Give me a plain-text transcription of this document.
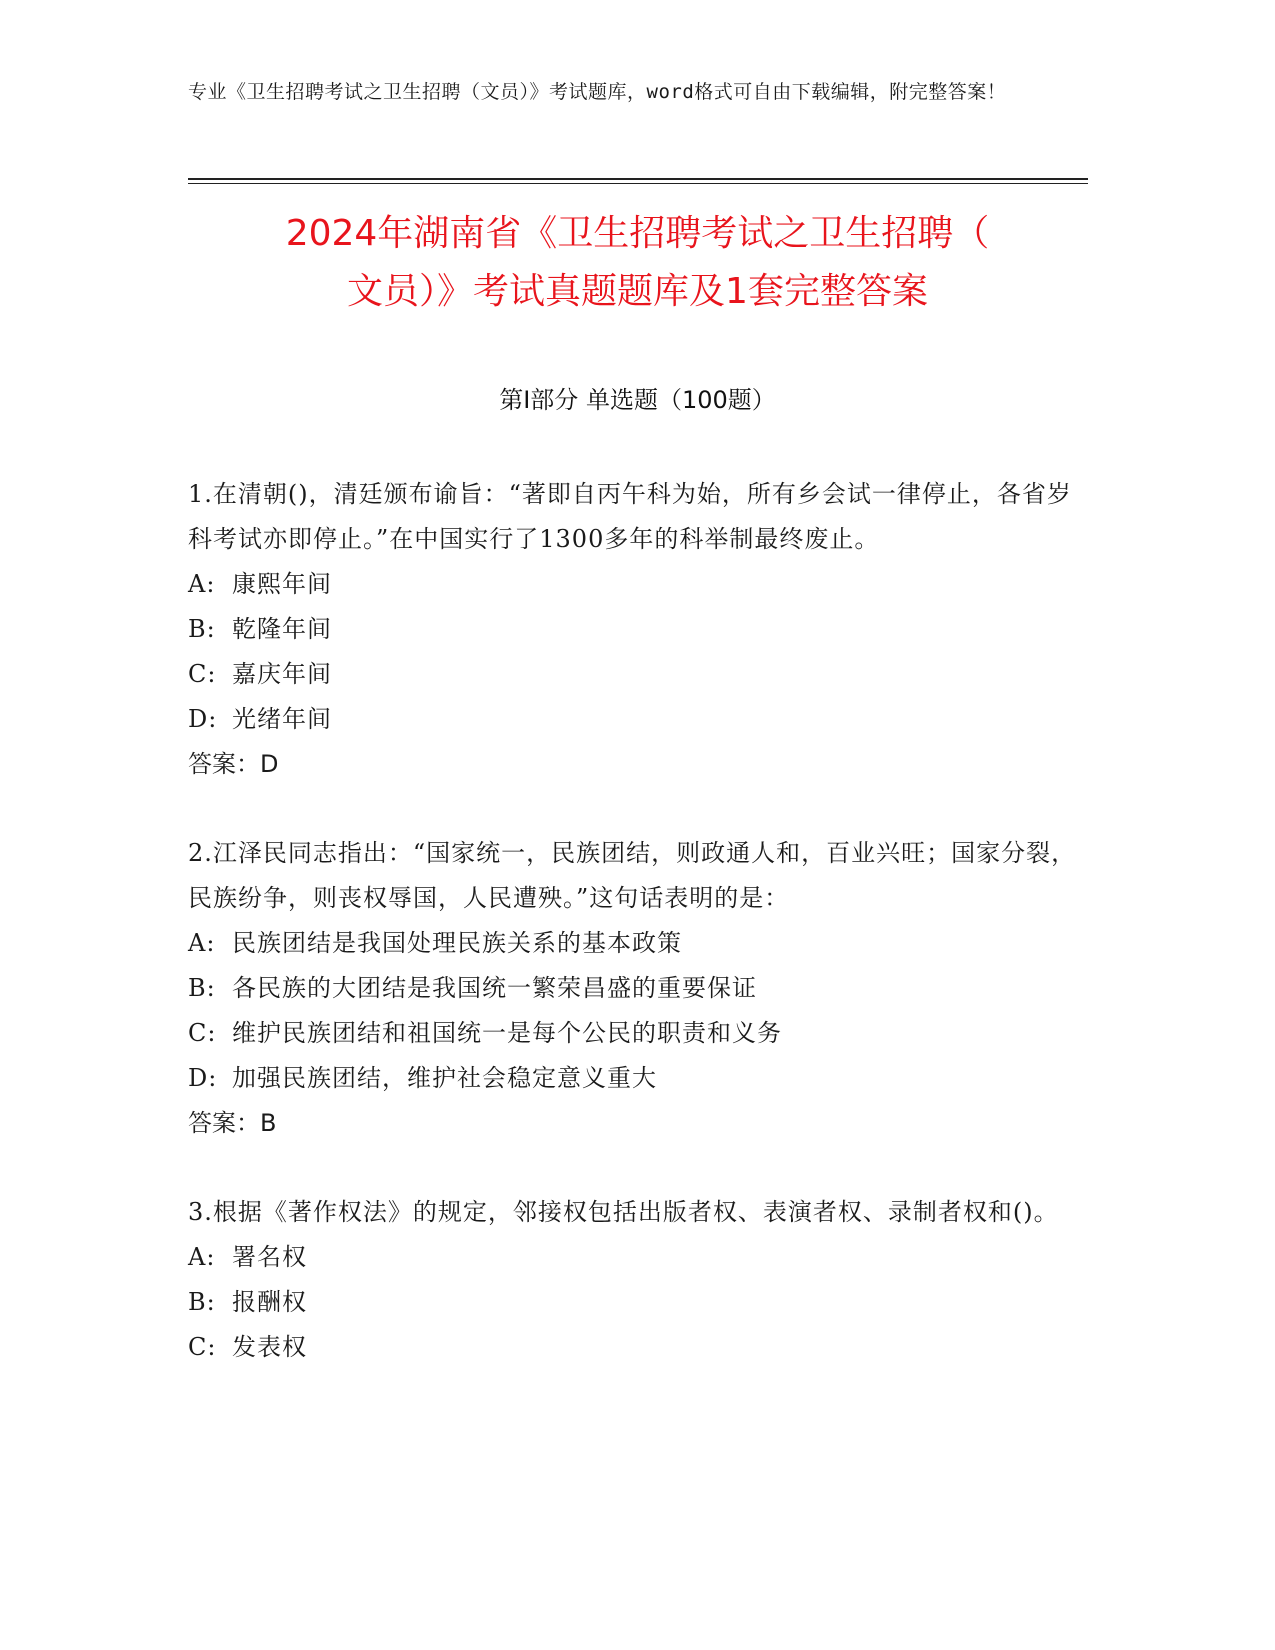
专业《卫生招聘考试之卫生招聘（文员）》考试题库，word格式可自由下载编辑，附完整答案！
2024年湖南省《卫生招聘考试之卫生招聘（
文员）》考试真题题库及1套完整答案
第I部分 单选题（100题）

1.在清朝()，清廷颁布谕旨：“著即自丙午科为始，所有乡会试一律停止，各省岁科考试亦即停止。”在中国实行了1300多年的科举制最终废止。

A: 康熙年间

B: 乾隆年间

C: 嘉庆年间

D: 光绪年间

答案：D

2.江泽民同志指出：“国家统一，民族团结，则政通人和，百业兴旺；国家分裂，民族纷争，则丧权辱国，人民遭殃。”这句话表明的是：

A: 民族团结是我国处理民族关系的基本政策

B: 各民族的大团结是我国统一繁荣昌盛的重要保证

C: 维护民族团结和祖国统一是每个公民的职责和义务

D: 加强民族团结，维护社会稳定意义重大

答案：B

3.根据《著作权法》的规定，邻接权包括出版者权、表演者权、录制者权和()。

A: 署名权

B: 报酬权

C: 发表权
